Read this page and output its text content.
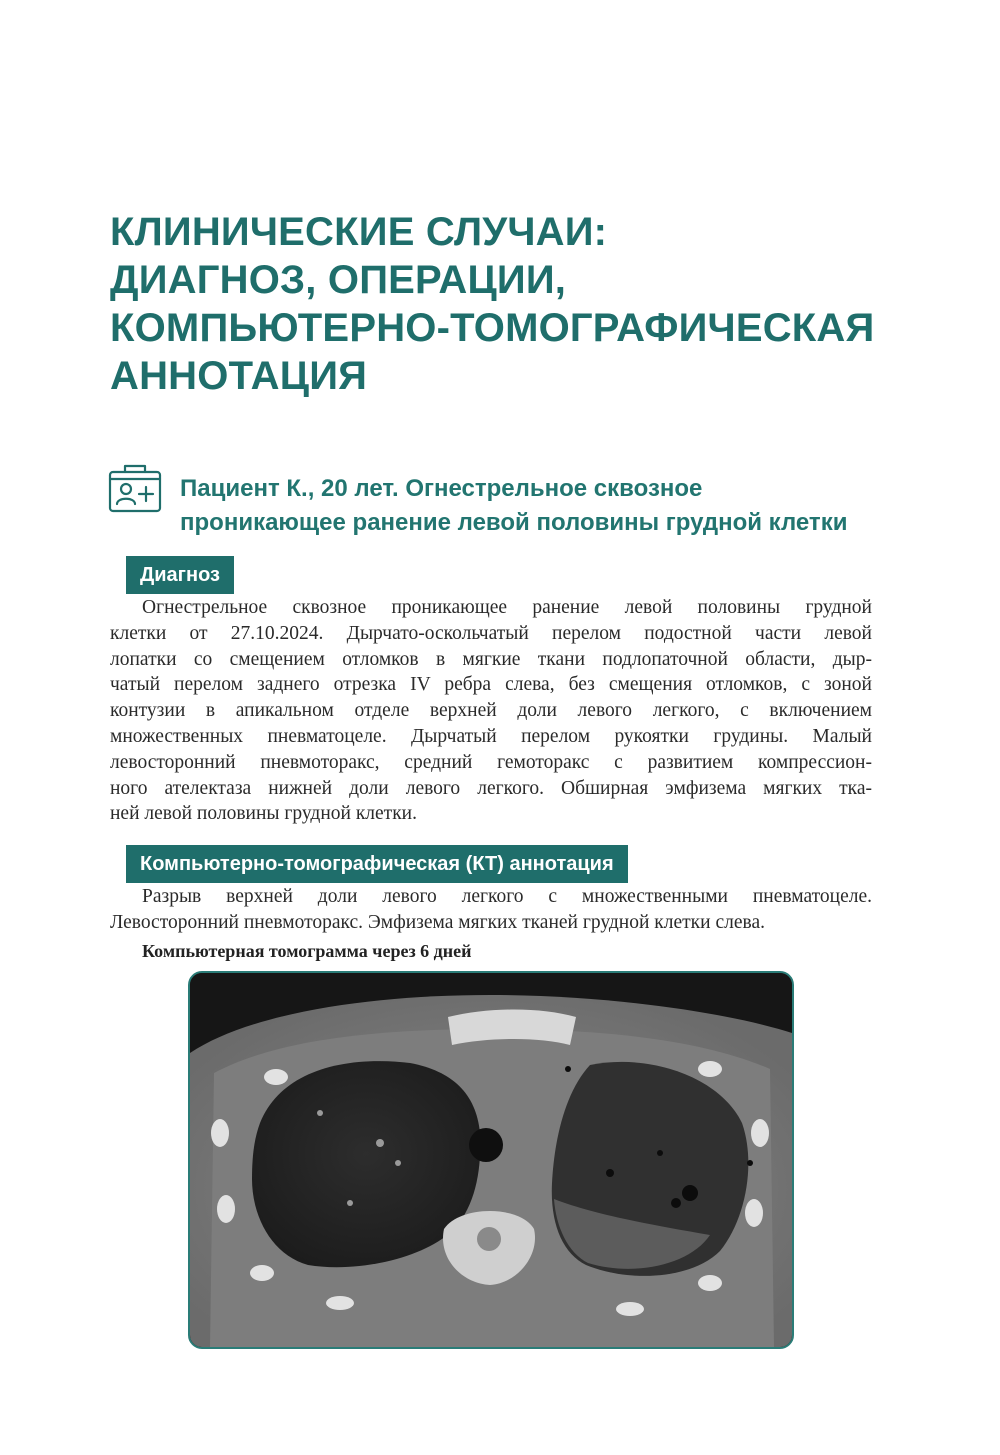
КЛИНИЧЕСКИЕ СЛУЧАИ:
ДИАГНОЗ, ОПЕРАЦИИ,
КОМПЬЮТЕРНО-ТОМОГРАФИЧЕСКАЯ
АННОТАЦИЯ
Пациент К., 20 лет. Огнестрельное сквозное
проникающее ранение левой половины грудной клетки
Диагноз

Огнестрельное сквозное проникающее ранение левой половины грудной
клетки от 27.10.2024. Дырчато-оскольчатый перелом подостной части левой
лопатки со смещением отломков в мягкие ткани подлопаточной области, дыр-
чатый перелом заднего отрезка IV ребра слева, без смещения отломков, с зоной
контузии в апикальном отделе верхней доли левого легкого, с включением
множественных пневматоцеле. Дырчатый перелом рукоятки грудины. Малый
левосторонний пневмоторакс, средний гемоторакс с развитием компрессион-
ного ателектаза нижней доли левого легкого. Обширная эмфизема мягких тка-
ней левой половины грудной клетки.

Компьютерно-томографическая (КТ) аннотация

Разрыв верхней доли левого легкого с множественными пневматоцеле.
Левосторонний пневмоторакс. Эмфизема мягких тканей грудной клетки слева.

Компьютерная томограмма через 6 дней
